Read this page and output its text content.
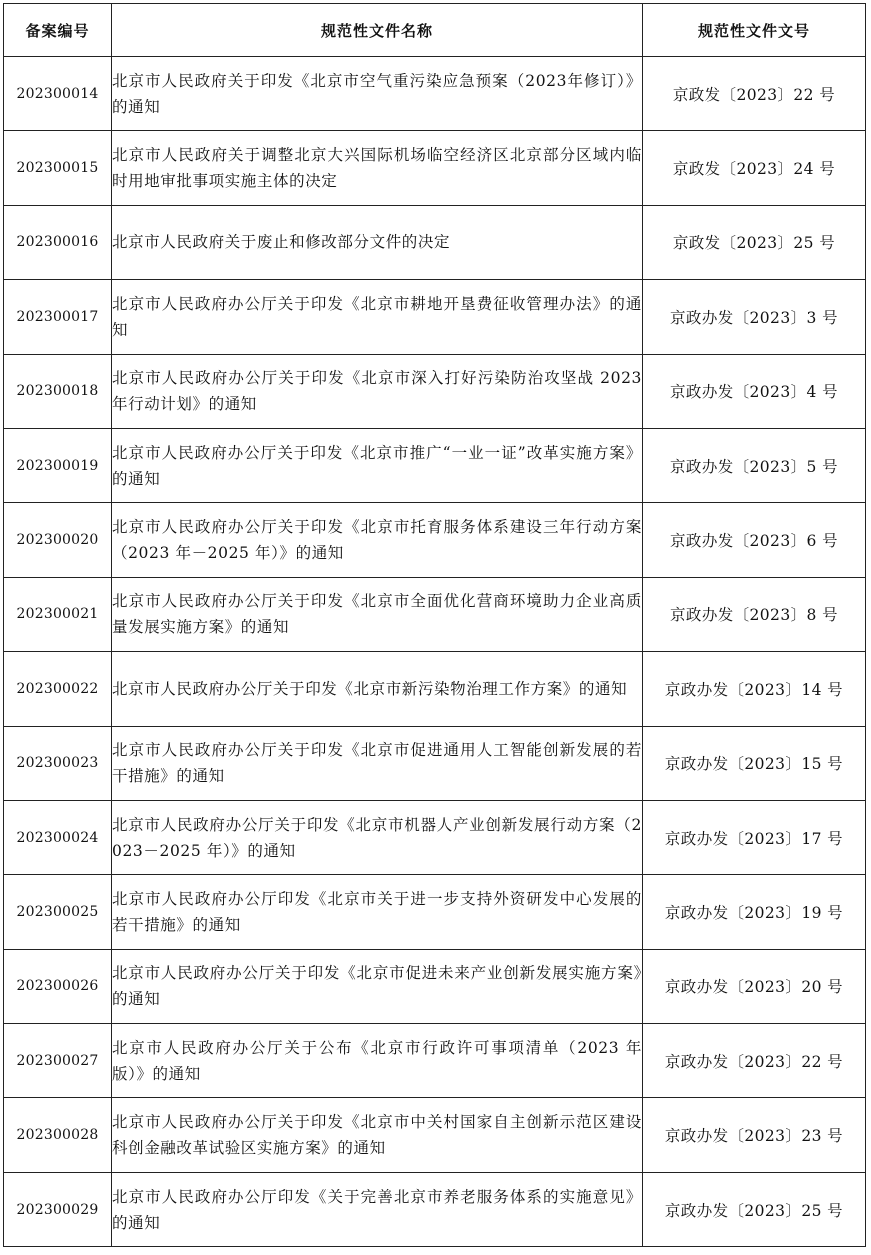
备案编号	规范性文件名称	规范性文件文号
202300014	北京市人民政府关于印发《北京市空气重污染应急预案（2023年修订）》的通知	京政发〔2023〕22 号
202300015	北京市人民政府关于调整北京大兴国际机场临空经济区北京部分区域内临时用地审批事项实施主体的决定	京政发〔2023〕24 号
202300016	北京市人民政府关于废止和修改部分文件的决定	京政发〔2023〕25 号
202300017	北京市人民政府办公厅关于印发《北京市耕地开垦费征收管理办法》的通知	京政办发〔2023〕3 号
202300018	北京市人民政府办公厅关于印发《北京市深入打好污染防治攻坚战 2023 年行动计划》的通知	京政办发〔2023〕4 号
202300019	北京市人民政府办公厅关于印发《北京市推广“一业一证”改革实施方案》的通知	京政办发〔2023〕5 号
202300020	北京市人民政府办公厅关于印发《北京市托育服务体系建设三年行动方案（2023 年－2025 年）》的通知	京政办发〔2023〕6 号
202300021	北京市人民政府办公厅关于印发《北京市全面优化营商环境助力企业高质量发展实施方案》的通知	京政办发〔2023〕8 号
202300022	北京市人民政府办公厅关于印发《北京市新污染物治理工作方案》的通知	京政办发〔2023〕14 号
202300023	北京市人民政府办公厅关于印发《北京市促进通用人工智能创新发展的若干措施》的通知	京政办发〔2023〕15 号
202300024	北京市人民政府办公厅关于印发《北京市机器人产业创新发展行动方案（2023－2025 年）》的通知	京政办发〔2023〕17 号
202300025	北京市人民政府办公厅印发《北京市关于进一步支持外资研发中心发展的若干措施》的通知	京政办发〔2023〕19 号
202300026	北京市人民政府办公厅关于印发《北京市促进未来产业创新发展实施方案》的通知	京政办发〔2023〕20 号
202300027	北京市人民政府办公厅关于公布《北京市行政许可事项清单（2023 年版）》的通知	京政办发〔2023〕22 号
202300028	北京市人民政府办公厅关于印发《北京市中关村国家自主创新示范区建设科创金融改革试验区实施方案》的通知	京政办发〔2023〕23 号
202300029	北京市人民政府办公厅印发《关于完善北京市养老服务体系的实施意见》的通知	京政办发〔2023〕25 号
